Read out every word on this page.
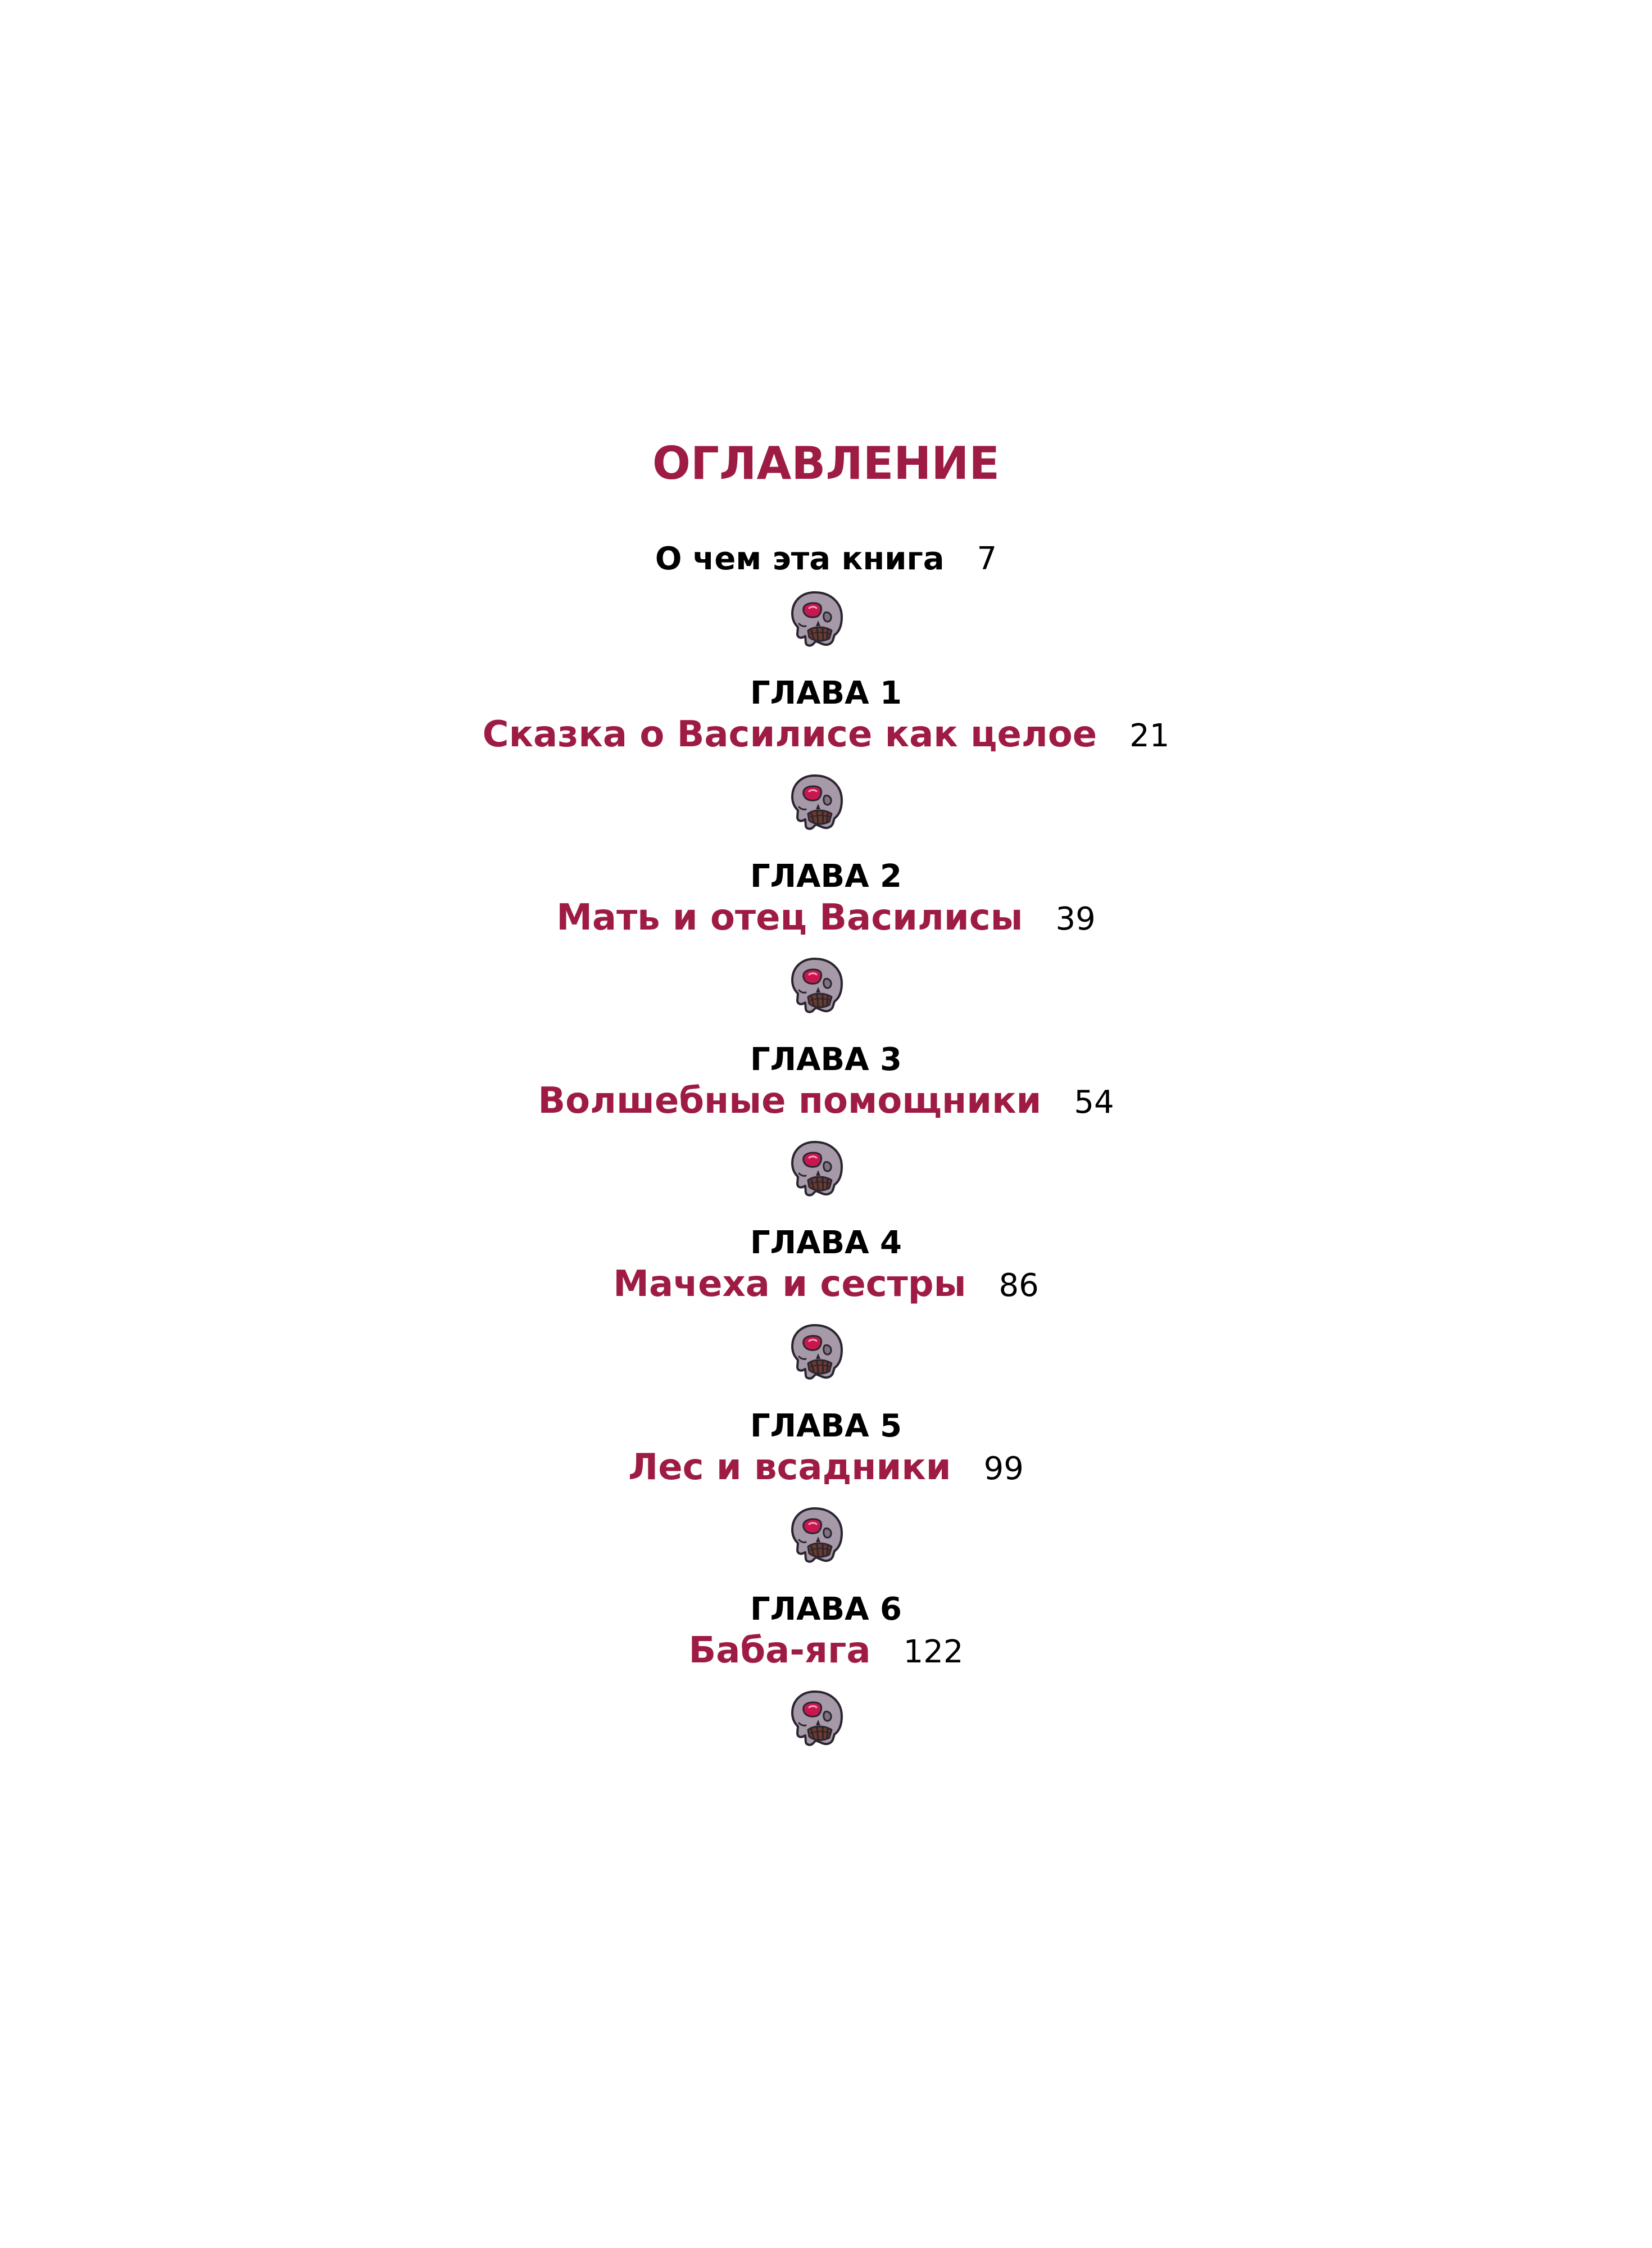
ОГЛАВЛЕНИЕ
О чем эта книга 7
ГЛАВА 1
Сказка о Василисе как целое 21
ГЛАВА 2
Мать и отец Василисы 39
ГЛАВА 3
Волшебные помощники 54
ГЛАВА 4
Мачеха и сестры 86
ГЛАВА 5
Лес и всадники 99
ГЛАВА 6
Баба-яга 122
